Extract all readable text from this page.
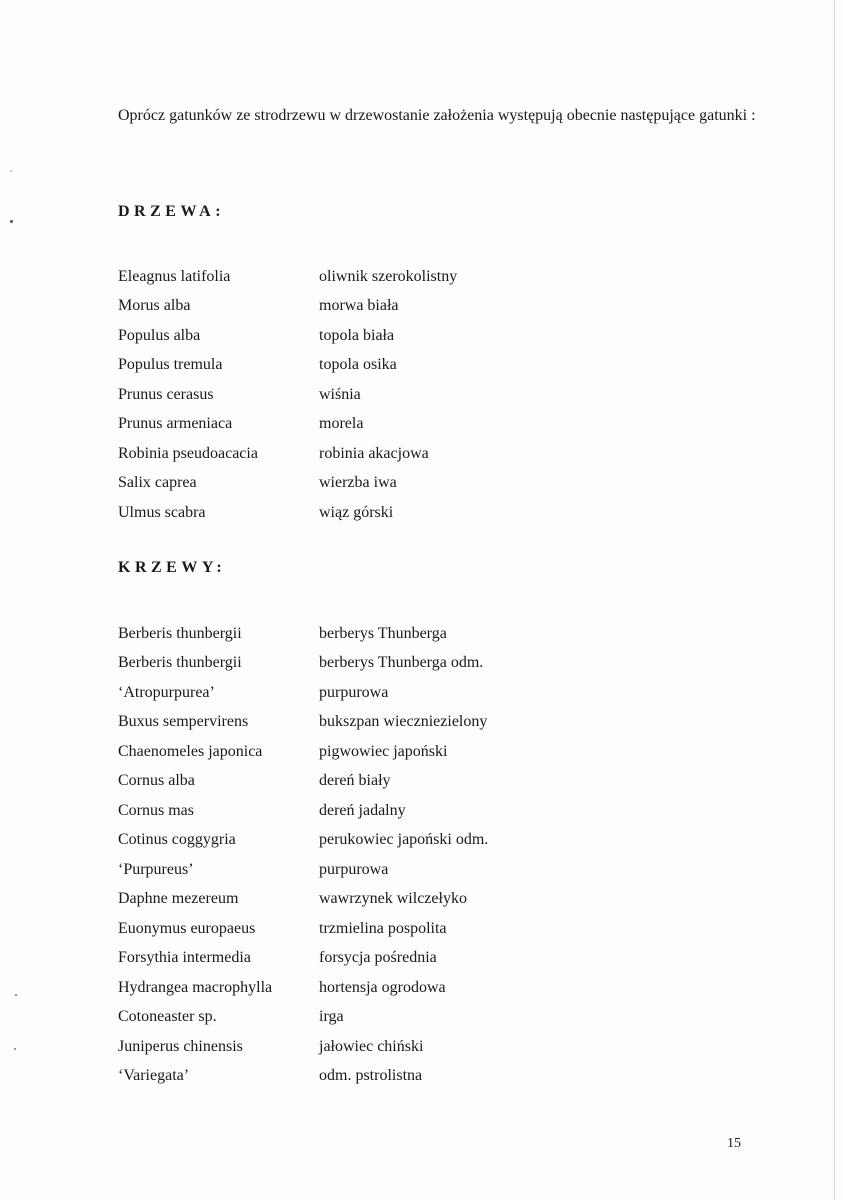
Oprócz gatunków ze strodrzewu w drzewostanie założenia występują obecnie następujące gatunki :

DRZEWA:
Eleagnus latifolia	oliwnik szerokolistny
Morus alba	morwa biała
Populus alba	topola biała
Populus tremula	topola osika
Prunus cerasus	wiśnia
Prunus armeniaca	morela
Robinia pseudoacacia	robinia akacjowa
Salix caprea	wierzba iwa
Ulmus scabra	wiąz górski
KRZEWY:
Berberis thunbergii	berberys Thunberga
Berberis thunbergii	berberys Thunberga odm.
‘Atropurpurea’	purpurowa
Buxus sempervirens	bukszpan wieczniezielony
Chaenomeles japonica	pigwowiec japoński
Cornus alba	dereń biały
Cornus mas	dereń jadalny
Cotinus coggygria	perukowiec japoński odm.
‘Purpureus’	purpurowa
Daphne mezereum	wawrzynek wilczełyko
Euonymus europaeus	trzmielina pospolita
Forsythia intermedia	forsycja pośrednia
Hydrangea macrophylla	hortensja ogrodowa
Cotoneaster sp.	irga
Juniperus chinensis	jałowiec chiński
‘Variegata’	odm. pstrolistna

15
